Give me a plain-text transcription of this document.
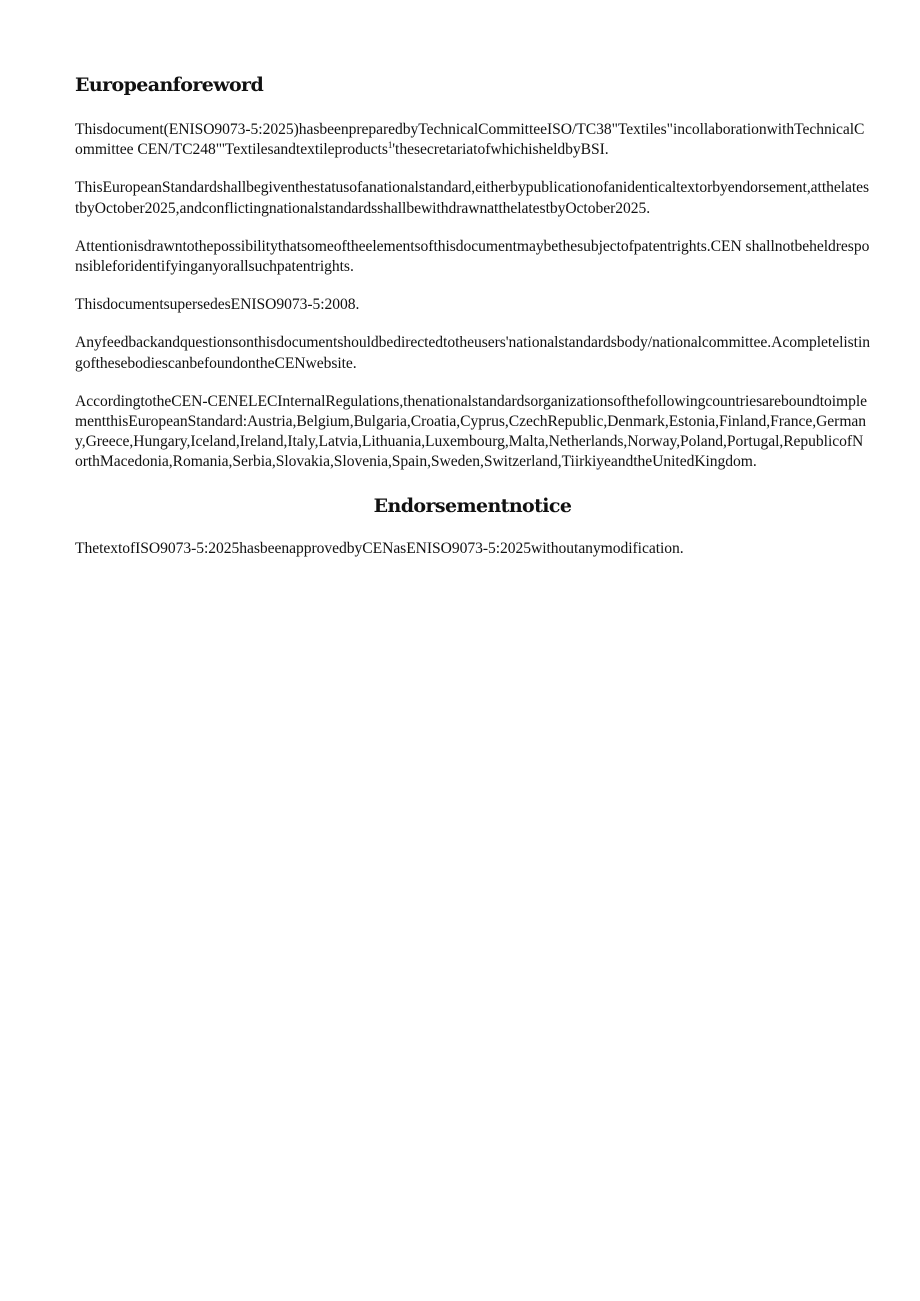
Europeanforeword

Thisdocument(ENISO9073-5:2025)hasbeenpreparedbyTechnicalCommitteeISO/TC38"Textiles"incollaborationwithTechnicalCommittee CEN/TC248"'Textilesandtextileproducts$^1$'thesecretariatofwhichisheldbyBSI.

ThisEuropeanStandardshallbegiventhestatusofanationalstandard,eitherbypublicationofanidenticaltextorbyendorsement,atthelatestbyOctober2025,andconflictingnationalstandardsshallbewithdrawnatthelatestbyOctober2025.

Attentionisdrawntothepossibilitythatsomeoftheelementsofthisdocumentmaybethesubjectofpatentrights.CEN shallnotbeheldresponsibleforidentifyinganyorallsuchpatentrights.

ThisdocumentsupersedesENISO9073-5:2008.

Anyfeedbackandquestionsonthisdocumentshouldbedirectedtotheusers'nationalstandardsbody/nationalcommittee.AcompletelistingofthesebodiescanbefoundontheCENwebsite.

AccordingtotheCEN-CENELECInternalRegulations,thenationalstandardsorganizationsofthefollowingcountriesareboundtoimplementthisEuropeanStandard:Austria,Belgium,Bulgaria,Croatia,Cyprus,CzechRepublic,Denmark,Estonia,Finland,France,Germany,Greece,Hungary,Iceland,Ireland,Italy,Latvia,Lithuania,Luxembourg,Malta,Netherlands,Norway,Poland,Portugal,RepublicofNorthMacedonia,Romania,Serbia,Slovakia,Slovenia,Spain,Sweden,Switzerland,TiirkiyeandtheUnitedKingdom.

Endorsementnotice

ThetextofISO9073-5:2025hasbeenapprovedbyCENasENISO9073-5:2025withoutanymodification.
